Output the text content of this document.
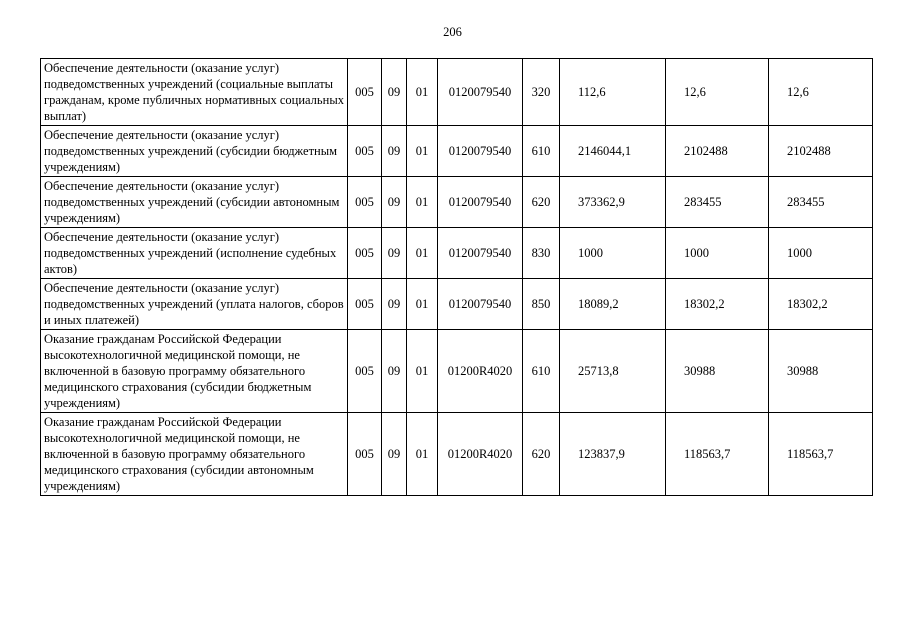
206
Обеспечение деятельности (оказание услуг) подведомственных учреждений (социальные выплаты гражданам, кроме публичных нормативных социальных выплат)	005	09	01	0120079540	320	112,6	12,6	12,6
Обеспечение деятельности (оказание услуг) подведомственных учреждений (субсидии бюджетным учреждениям)	005	09	01	0120079540	610	2146044,1	2102488	2102488
Обеспечение деятельности (оказание услуг) подведомственных учреждений (субсидии автономным учреждениям)	005	09	01	0120079540	620	373362,9	283455	283455
Обеспечение деятельности (оказание услуг) подведомственных учреждений (исполнение судебных актов)	005	09	01	0120079540	830	1000	1000	1000
Обеспечение деятельности (оказание услуг) подведомственных учреждений (уплата налогов, сборов и иных платежей)	005	09	01	0120079540	850	18089,2	18302,2	18302,2
Оказание гражданам Российской Федерации высокотехнологичной медицинской помощи, не включенной в базовую программу обязательного медицинского страхования (субсидии бюджетным учреждениям)	005	09	01	01200R4020	610	25713,8	30988	30988
Оказание гражданам Российской Федерации высокотехнологичной медицинской помощи, не включенной в базовую программу обязательного медицинского страхования (субсидии автономным учреждениям)	005	09	01	01200R4020	620	123837,9	118563,7	118563,7
